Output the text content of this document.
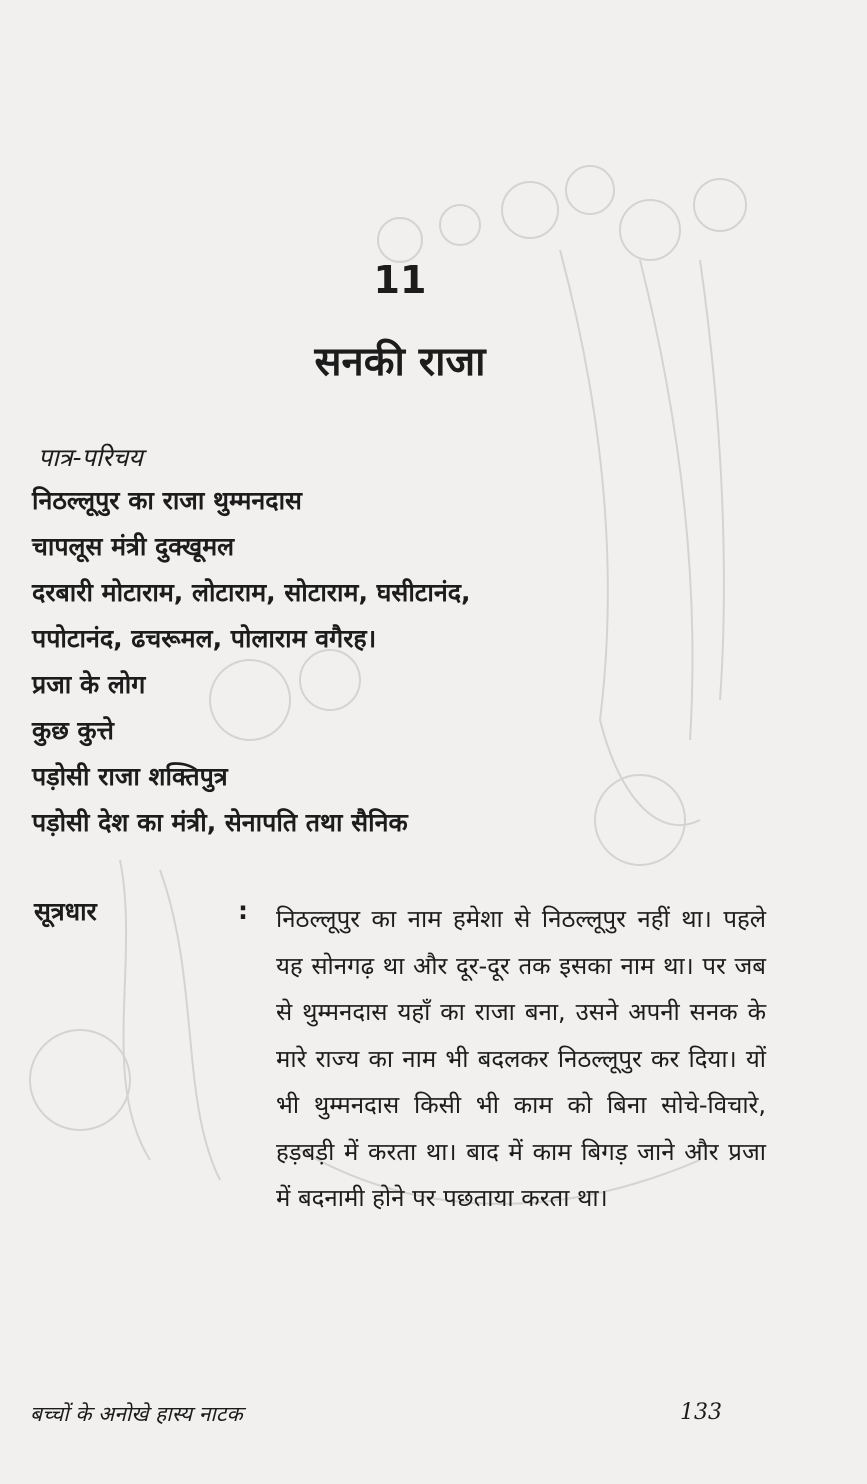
11
सनकी राजा
पात्र-परिचय
निठल्लूपुर का राजा थुम्मनदास
चापलूस मंत्री दुक्खूमल
दरबारी मोटाराम, लोटाराम, सोटाराम, घसीटानंद,
पपोटानंद, ढचरूमल, पोलाराम वगैरह।
प्रजा के लोग
कुछ कुत्ते
पड़ोसी राजा शक्तिपुत्र
पड़ोसी देश का मंत्री, सेनापति तथा सैनिक
सूत्रधार	: निठल्लूपुर का नाम हमेशा से निठल्लूपुर नहीं था। पहले यह सोनगढ़ था और दूर-दूर तक इसका नाम था। पर जब से थुम्मनदास यहाँ का राजा बना, उसने अपनी सनक के मारे राज्य का नाम भी बदलकर निठल्लूपुर कर दिया। यों भी थुम्मनदास किसी भी काम को बिना सोचे-विचारे, हड़बड़ी में करता था। बाद में काम बिगड़ जाने और प्रजा में बदनामी होने पर पछताया करता था।

बच्चों के अनोखे हास्य नाटक	133
